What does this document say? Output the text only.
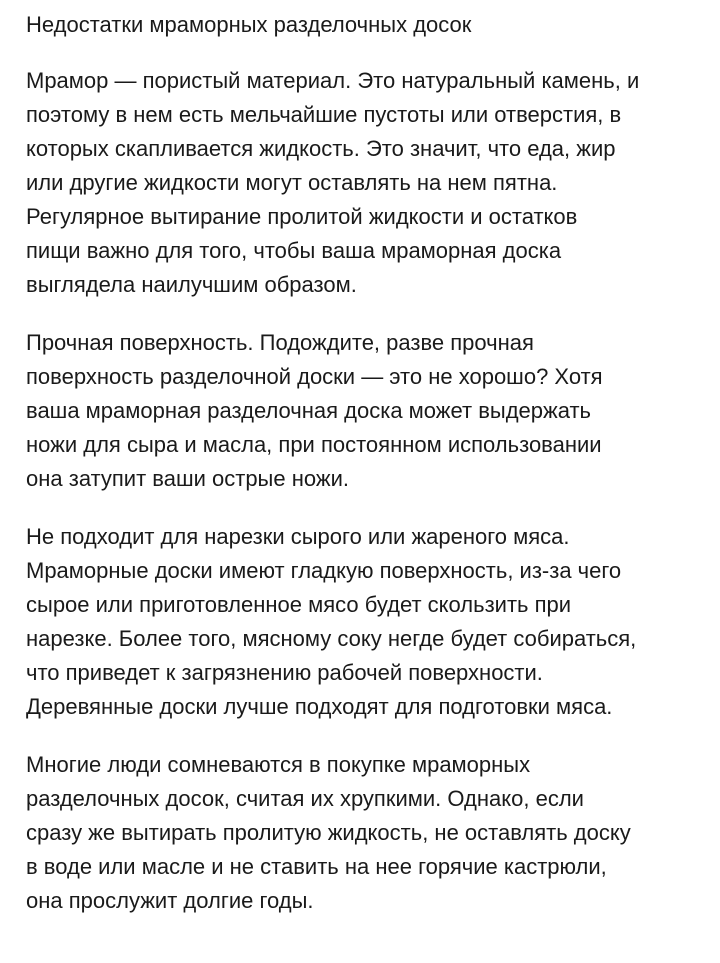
Недостатки мраморных разделочных досок

Мрамор — пористый материал. Это натуральный камень, и
поэтому в нем есть мельчайшие пустоты или отверстия, в
которых скапливается жидкость. Это значит, что еда, жир
или другие жидкости могут оставлять на нем пятна.
Регулярное вытирание пролитой жидкости и остатков
пищи важно для того, чтобы ваша мраморная доска
выглядела наилучшим образом.

Прочная поверхность. Подождите, разве прочная
поверхность разделочной доски — это не хорошо? Хотя
ваша мраморная разделочная доска может выдержать
ножи для сыра и масла, при постоянном использовании
она затупит ваши острые ножи.

Не подходит для нарезки сырого или жареного мяса.
Мраморные доски имеют гладкую поверхность, из-за чего
сырое или приготовленное мясо будет скользить при
нарезке. Более того, мясному соку негде будет собираться,
что приведет к загрязнению рабочей поверхности.
Деревянные доски лучше подходят для подготовки мяса.

Многие люди сомневаются в покупке мраморных
разделочных досок, считая их хрупкими. Однако, если
сразу же вытирать пролитую жидкость, не оставлять доску
в воде или масле и не ставить на нее горячие кастрюли,
она прослужит долгие годы.
